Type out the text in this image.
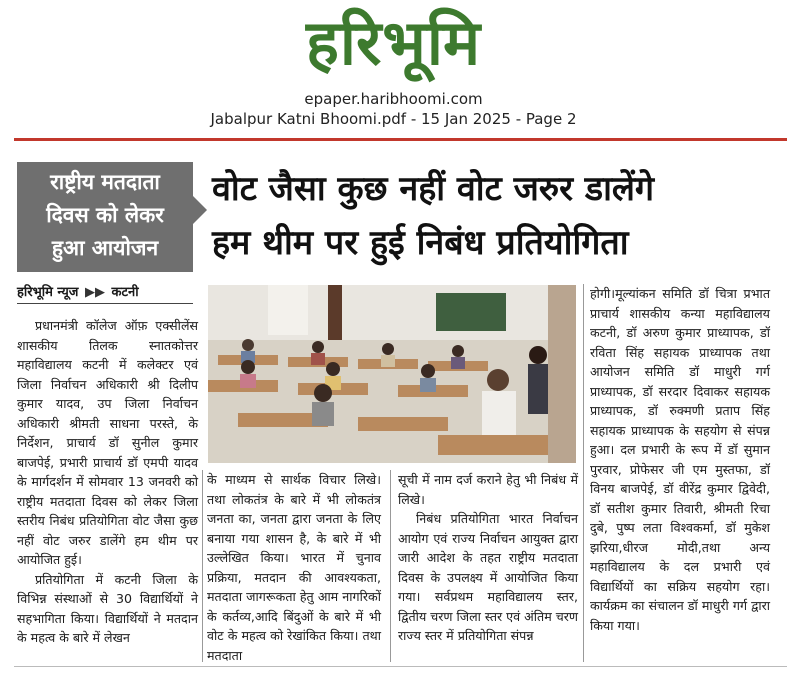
हरिभूमि
epaper.haribhoomi.com
Jabalpur Katni Bhoomi.pdf - 15 Jan 2025 - Page 2
राष्ट्रीय मतदाता
दिवस को लेकर
हुआ आयोजन
वोट जैसा कुछ नहीं वोट जरुर डालेंगे
हम थीम पर हुई निबंध प्रतियोगिता
हरिभूमि न्यूज ▶▶ कटनी

प्रधानमंत्री कॉलेज ऑफ़ एक्सीलेंस शासकीय तिलक स्नातकोत्तर महाविद्यालय कटनी में कलेक्टर एवं जिला निर्वाचन अधिकारी श्री दिलीप कुमार यादव, उप जिला निर्वाचन अधिकारी श्रीमती साधना परस्ते, के निर्देशन, प्राचार्य डॉ सुनील कुमार बाजपेई, प्रभारी प्राचार्य डॉ एमपी यादव के मार्गदर्शन में सोमवार 13 जनवरी को राष्ट्रीय मतदाता दिवस को लेकर जिला स्तरीय निबंध प्रतियोगिता वोट जैसा कुछ नहीं वोट जरुर डालेंगे हम थीम पर आयोजित हुई।

प्रतियोगिता में कटनी जिला के विभिन्न संस्थाओं से 30 विद्यार्थियों ने सहभागिता किया। विद्यार्थियों ने मतदान के महत्व के बारे में लेखन

के माध्यम से सार्थक विचार लिखे। तथा लोकतंत्र के बारे में भी लोकतंत्र जनता का, जनता द्वारा जनता के लिए बनाया गया शासन है, के बारे में भी उल्लेखित किया। भारत में चुनाव प्रक्रिया, मतदान की आवश्यकता, मतदाता जागरूकता हेतु आम नागरिकों के कर्तव्य,आदि बिंदुओं के बारे में भी वोट के महत्व को रेखांकित किया। तथा मतदाता

सूची में नाम दर्ज कराने हेतु भी निबंध में लिखे।

निबंध प्रतियोगिता भारत निर्वाचन आयोग एवं राज्य निर्वाचन आयुक्त द्वारा जारी आदेश के तहत राष्ट्रीय मतदाता दिवस के उपलक्ष्य में आयोजित किया गया। सर्वप्रथम महाविद्यालय स्तर, द्वितीय चरण जिला स्तर एवं अंतिम चरण राज्य स्तर में प्रतियोगिता संपन्न

होगी।मूल्यांकन समिति डॉ चित्रा प्रभात प्राचार्य शासकीय कन्या महाविद्यालय कटनी, डॉ अरुण कुमार प्राध्यापक, डॉ रविता सिंह सहायक प्राध्यापक तथा आयोजन समिति डॉ माधुरी गर्ग प्राध्यापक, डॉ सरदार दिवाकर सहायक प्राध्यापक, डॉ रुक्मणी प्रताप सिंह सहायक प्राध्यापक के सहयोग से संपन्न हुआ। दल प्रभारी के रूप में डॉ सुमान पुरवार, प्रोफेसर जी एम मुस्तफा, डॉ विनय बाजपेई, डॉ वीरेंद्र कुमार द्विवेदी, डॉ सतीश कुमार तिवारी, श्रीमती रिचा दुबे, पुष्प लता विश्वकर्मा, डॉ मुकेश झरिया,धीरज मोदी,तथा अन्य महाविद्यालय के दल प्रभारी एवं विद्यार्थियों का सक्रिय सहयोग रहा। कार्यक्रम का संचालन डॉ माधुरी गर्ग द्वारा किया गया।
